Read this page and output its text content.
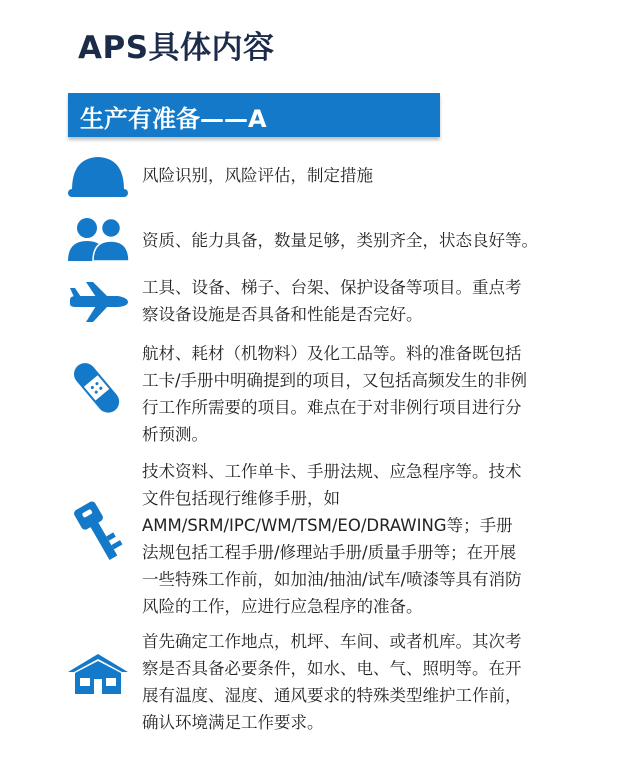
APS具体内容
生产有准备——A

风险识别，风险评估，制定措施

资质、能力具备，数量足够，类别齐全，状态良好等。

工具、设备、梯子、台架、保护设备等项目。重点考
察设备设施是否具备和性能是否完好。

航材、耗材（机物料）及化工品等。料的准备既包括
工卡/手册中明确提到的项目，又包括高频发生的非例
行工作所需要的项目。难点在于对非例行项目进行分
析预测。

技术资料、工作单卡、手册法规、应急程序等。技术
文件包括现行维修手册，如
AMM/SRM/IPC/WM/TSM/EO/DRAWING等；手册
法规包括工程手册/修理站手册/质量手册等；在开展
一些特殊工作前，如加油/抽油/试车/喷漆等具有消防
风险的工作，应进行应急程序的准备。

首先确定工作地点，机坪、车间、或者机库。其次考
察是否具备必要条件，如水、电、气、照明等。在开
展有温度、湿度、通风要求的特殊类型维护工作前，
确认环境满足工作要求。
